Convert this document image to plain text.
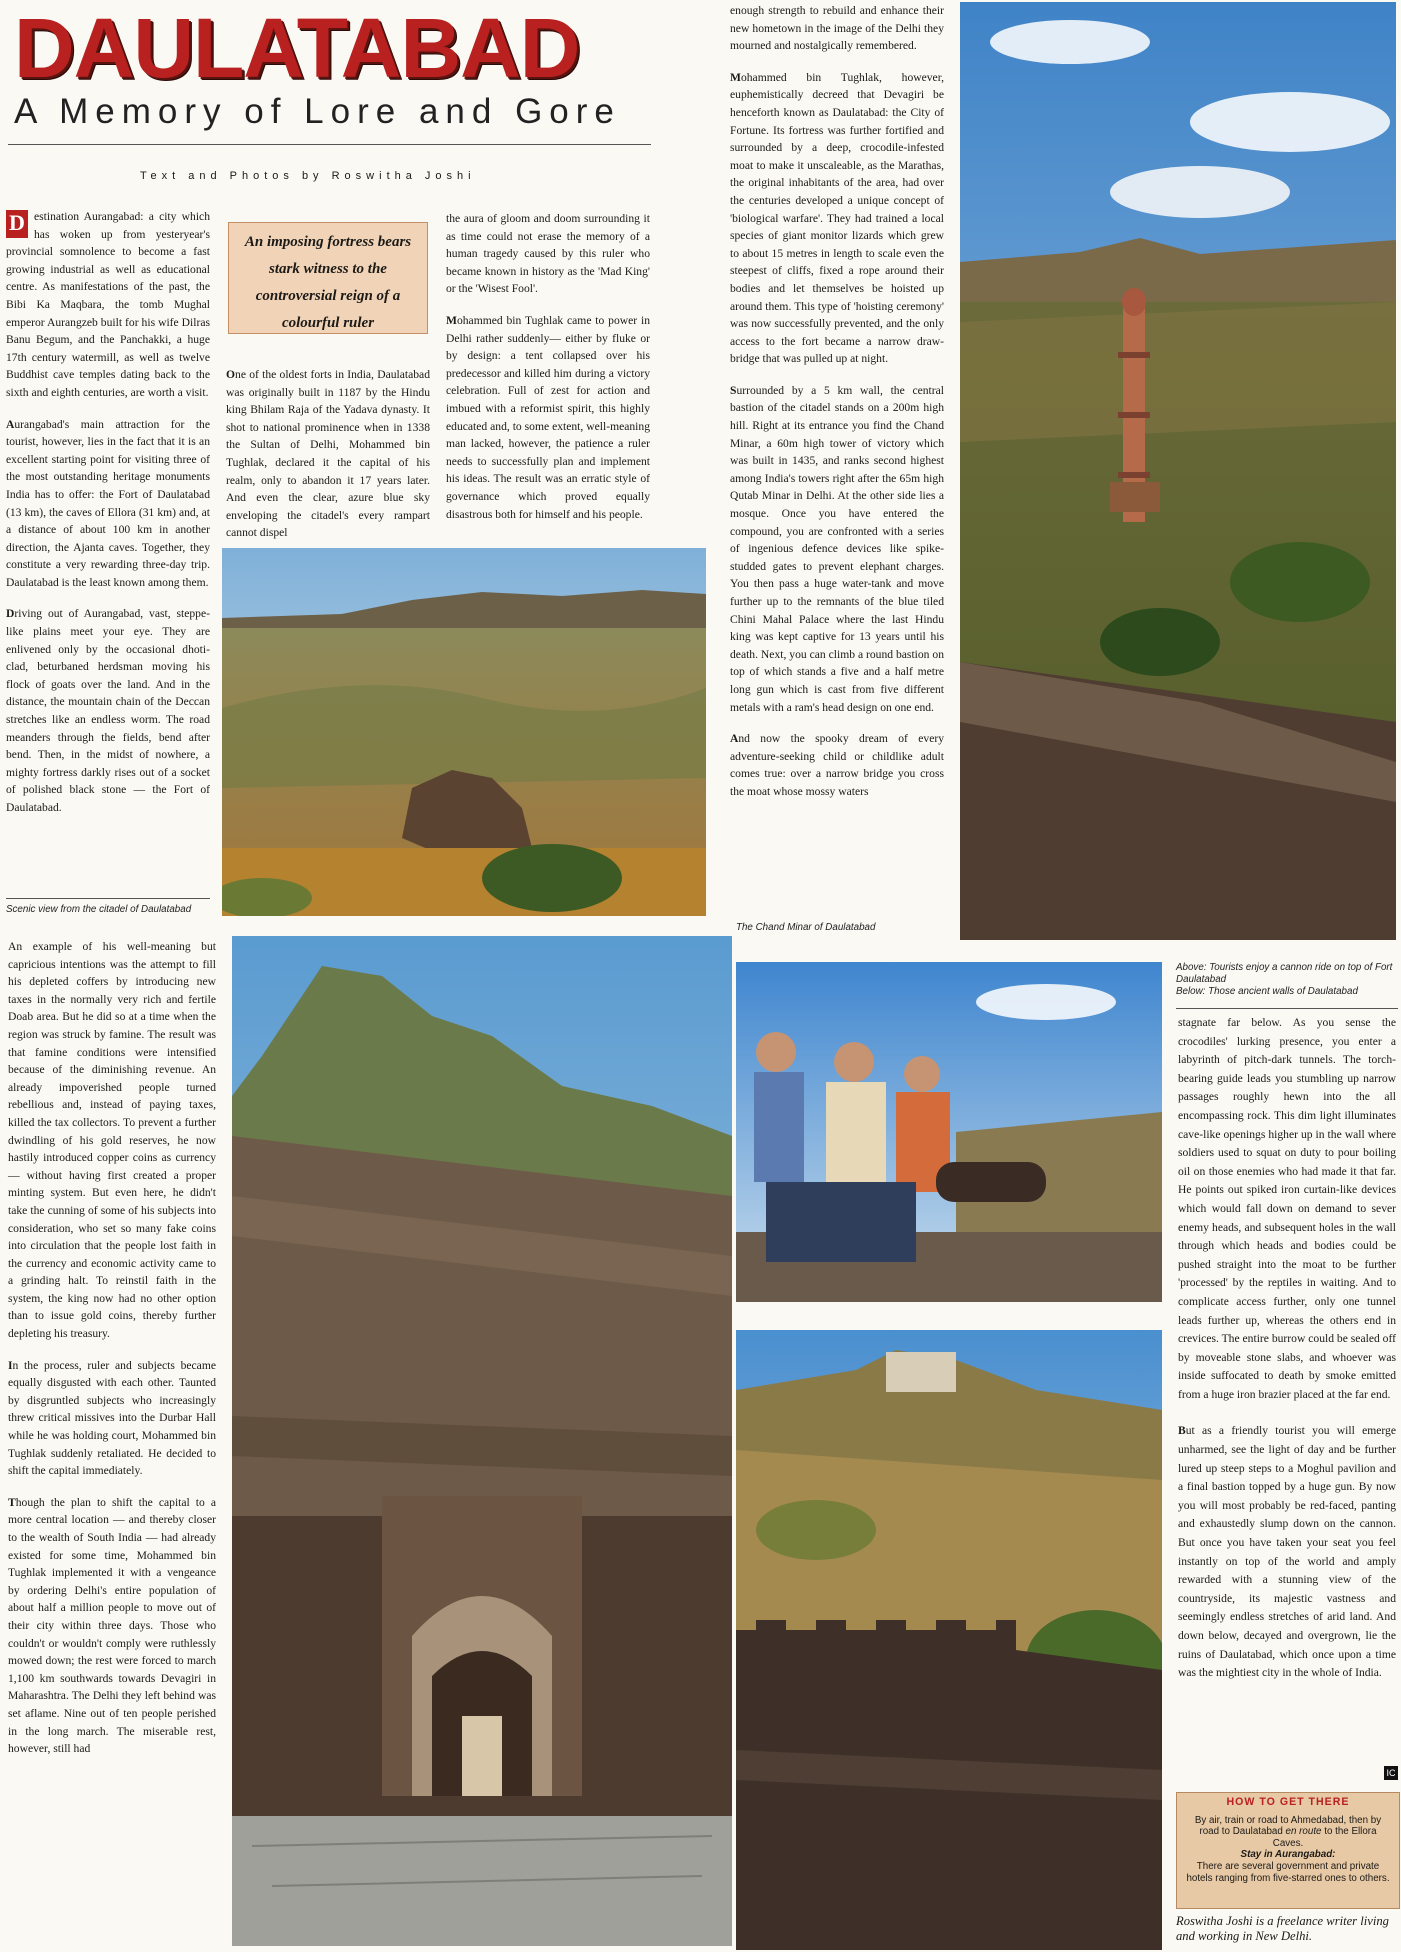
DAULATABAD
A Memory of Lore and Gore
Text and Photos by Roswitha Joshi

D estination Aurangabad: a city which has woken up from yesteryear's provincial somnolence to become a fast growing industrial as well as educational centre. As manifestations of the past, the Bibi Ka Maqbara, the tomb Mughal emperor Aurangzeb built for his wife Dilras Banu Begum, and the Panchakki, a huge 17th century watermill, as well as twelve Buddhist cave temples dating back to the sixth and eighth centuries, are worth a visit.

Aurangabad's main attraction for the tourist, however, lies in the fact that it is an excellent starting point for visiting three of the most outstanding heritage monuments India has to offer: the Fort of Daulatabad (13 km), the caves of Ellora (31 km) and, at a distance of about 100 km in another direction, the Ajanta caves. Together, they constitute a very rewarding three-day trip. Daulatabad is the least known among them.

Driving out of Aurangabad, vast, steppe-like plains meet your eye. They are enlivened only by the occasional dhoti-clad, beturbaned herdsman moving his flock of goats over the land. And in the distance, the mountain chain of the Deccan stretches like an endless worm. The road meanders through the fields, bend after bend. Then, in the midst of nowhere, a mighty fortress darkly rises out of a socket of polished black stone — the Fort of Daulatabad.

An imposing fortress bears stark witness to the controversial reign of a colourful ruler

One of the oldest forts in India, Daulatabad was originally built in 1187 by the Hindu king Bhilam Raja of the Yadava dynasty. It shot to national prominence when in 1338 the Sultan of Delhi, Mohammed bin Tughlak, declared it the capital of his realm, only to abandon it 17 years later. And even the clear, azure blue sky enveloping the citadel's every rampart cannot dispel

the aura of gloom and doom surrounding it as time could not erase the memory of a human tragedy caused by this ruler who became known in history as the 'Mad King' or the 'Wisest Fool'.

Mohammed bin Tughlak came to power in Delhi rather suddenly— either by fluke or by design: a tent collapsed over his predecessor and killed him during a victory celebration. Full of zest for action and imbued with a reformist spirit, this highly educated and, to some extent, well-meaning man lacked, however, the patience a ruler needs to successfully plan and implement his ideas. The result was an erratic style of governance which proved equally disastrous both for himself and his people.

Scenic view from the citadel of Daulatabad

enough strength to rebuild and enhance their new hometown in the image of the Delhi they mourned and nostalgically remembered.

Mohammed bin Tughlak, however, euphemistically decreed that Devagiri be henceforth known as Daulatabad: the City of Fortune. Its fortress was further fortified and surrounded by a deep, crocodile-infested moat to make it unscaleable, as the Marathas, the original inhabitants of the area, had over the centuries developed a unique concept of 'biological warfare'. They had trained a local species of giant monitor lizards which grew to about 15 metres in length to scale even the steepest of cliffs, fixed a rope around their bodies and let themselves be hoisted up around them. This type of 'hoisting ceremony' was now successfully prevented, and the only access to the fort became a narrow draw-bridge that was pulled up at night.

Surrounded by a 5 km wall, the central bastion of the citadel stands on a 200m high hill. Right at its entrance you find the Chand Minar, a 60m high tower of victory which was built in 1435, and ranks second highest among India's towers right after the 65m high Qutab Minar in Delhi. At the other side lies a mosque. Once you have entered the compound, you are confronted with a series of ingenious defence devices like spike-studded gates to prevent elephant charges. You then pass a huge water-tank and move further up to the remnants of the blue tiled Chini Mahal Palace where the last Hindu king was kept captive for 13 years until his death. Next, you can climb a round bastion on top of which stands a five and a half metre long gun which is cast from five different metals with a ram's head design on one end.

And now the spooky dream of every adventure-seeking child or childlike adult comes true: over a narrow bridge you cross the moat whose mossy waters

The Chand Minar of Daulatabad

An example of his well-meaning but capricious intentions was the attempt to fill his depleted coffers by introducing new taxes in the normally very rich and fertile Doab area. But he did so at a time when the region was struck by famine. The result was that famine conditions were intensified because of the diminishing revenue. An already impoverished people turned rebellious and, instead of paying taxes, killed the tax collectors. To prevent a further dwindling of his gold reserves, he now hastily introduced copper coins as currency— without having first created a proper minting system. But even here, he didn't take the cunning of some of his subjects into consideration, who set so many fake coins into circulation that the people lost faith in the currency and economic activity came to a grinding halt. To reinstil faith in the system, the king now had no other option than to issue gold coins, thereby further depleting his treasury.

In the process, ruler and subjects became equally disgusted with each other. Taunted by disgruntled subjects who increasingly threw critical missives into the Durbar Hall while he was holding court, Mohammed bin Tughlak suddenly retaliated. He decided to shift the capital immediately.

Though the plan to shift the capital to a more central location — and thereby closer to the wealth of South India — had already existed for some time, Mohammed bin Tughlak implemented it with a vengeance by ordering Delhi's entire population of about half a million people to move out of their city within three days. Those who couldn't or wouldn't comply were ruthlessly mowed down; the rest were forced to march 1,100 km southwards towards Devagiri in Maharashtra. The Delhi they left behind was set aflame. Nine out of ten people perished in the long march. The miserable rest, however, still had

Above: Tourists enjoy a cannon ride on top of Fort Daulatabad
Below: Those ancient walls of Daulatabad

stagnate far below. As you sense the crocodiles' lurking presence, you enter a labyrinth of pitch-dark tunnels. The torch-bearing guide leads you stumbling up narrow passages roughly hewn into the all encompassing rock. This dim light illuminates cave-like openings higher up in the wall where soldiers used to squat on duty to pour boiling oil on those enemies who had made it that far. He points out spiked iron curtain-like devices which would fall down on demand to sever enemy heads, and subsequent holes in the wall through which heads and bodies could be pushed straight into the moat to be further 'processed' by the reptiles in waiting. And to complicate access further, only one tunnel leads further up, whereas the others end in crevices. The entire burrow could be sealed off by moveable stone slabs, and whoever was inside suffocated to death by smoke emitted from a huge iron brazier placed at the far end.

But as a friendly tourist you will emerge unharmed, see the light of day and be further lured up steep steps to a Moghul pavilion and a final bastion topped by a huge gun. By now you will most probably be red-faced, panting and exhaustedly slump down on the cannon. But once you have taken your seat you feel instantly on top of the world and amply rewarded with a stunning view of the countryside, its majestic vastness and seemingly endless stretches of arid land. And down below, decayed and overgrown, lie the ruins of Daulatabad, which once upon a time was the mightiest city in the whole of India.

IC
HOW TO GET THERE
By air, train or road to Ahmedabad, then by road to Daulatabad en route to the Ellora Caves.
Stay in Aurangabad:
There are several government and private hotels ranging from five-starred ones to others.
Roswitha Joshi is a freelance writer living and working in New Delhi.
